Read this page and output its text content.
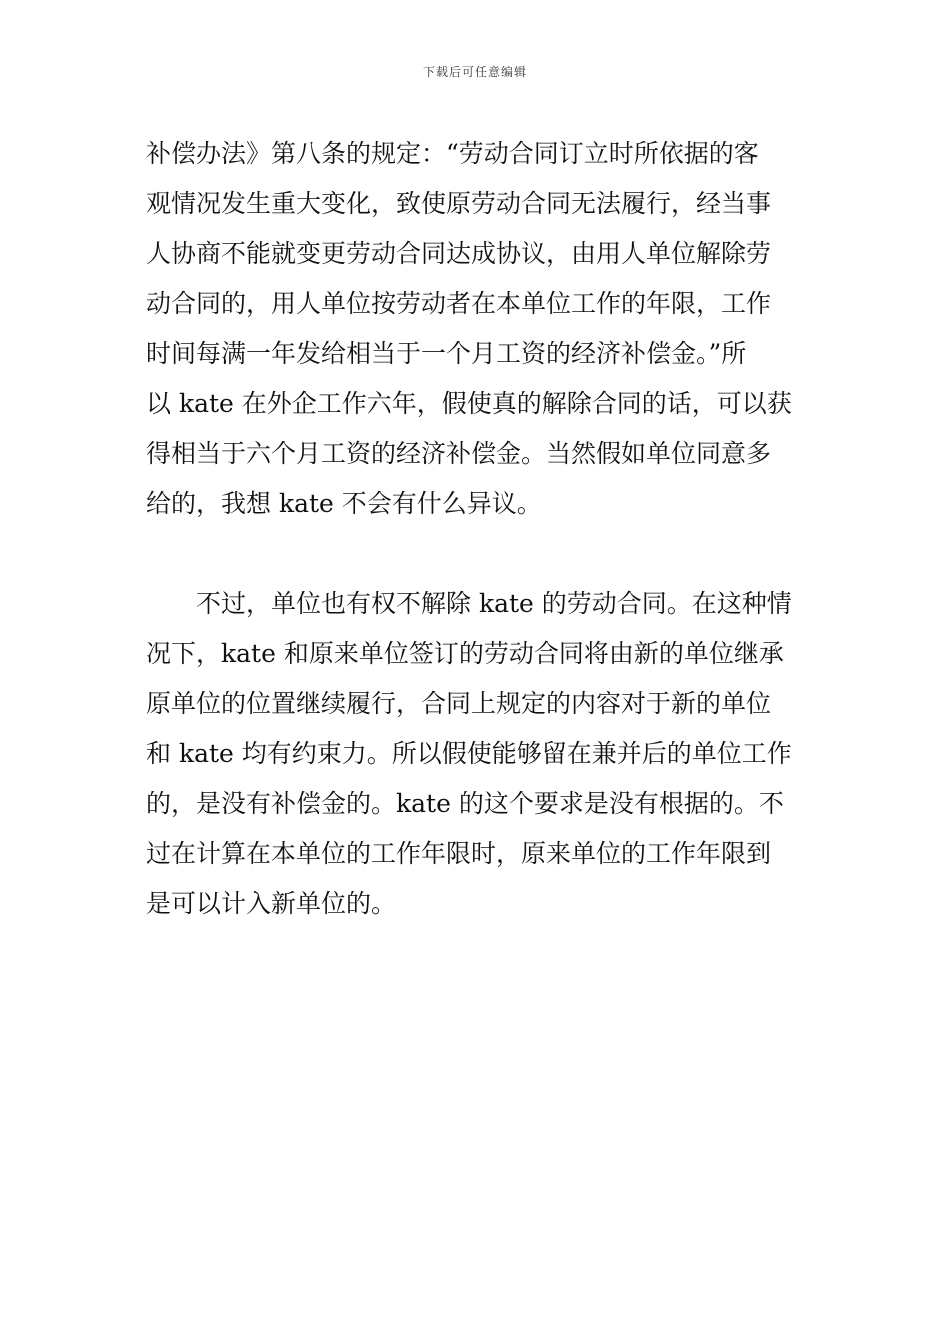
下载后可任意编辑
补偿办法》第八条的规定：“劳动合同订立时所依据的客
观情况发生重大变化，致使原劳动合同无法履行，经当事
人协商不能就变更劳动合同达成协议，由用人单位解除劳
动合同的，用人单位按劳动者在本单位工作的年限，工作
时间每满一年发给相当于一个月工资的经济补偿金。”所
以 kate 在外企工作六年，假使真的解除合同的话，可以获
得相当于六个月工资的经济补偿金。当然假如单位同意多
给的，我想 kate 不会有什么异议。
　　不过，单位也有权不解除 kate 的劳动合同。在这种情
况下，kate 和原来单位签订的劳动合同将由新的单位继承
原单位的位置继续履行，合同上规定的内容对于新的单位
和 kate 均有约束力。所以假使能够留在兼并后的单位工作
的，是没有补偿金的。kate 的这个要求是没有根据的。不
过在计算在本单位的工作年限时，原来单位的工作年限到
是可以计入新单位的。
